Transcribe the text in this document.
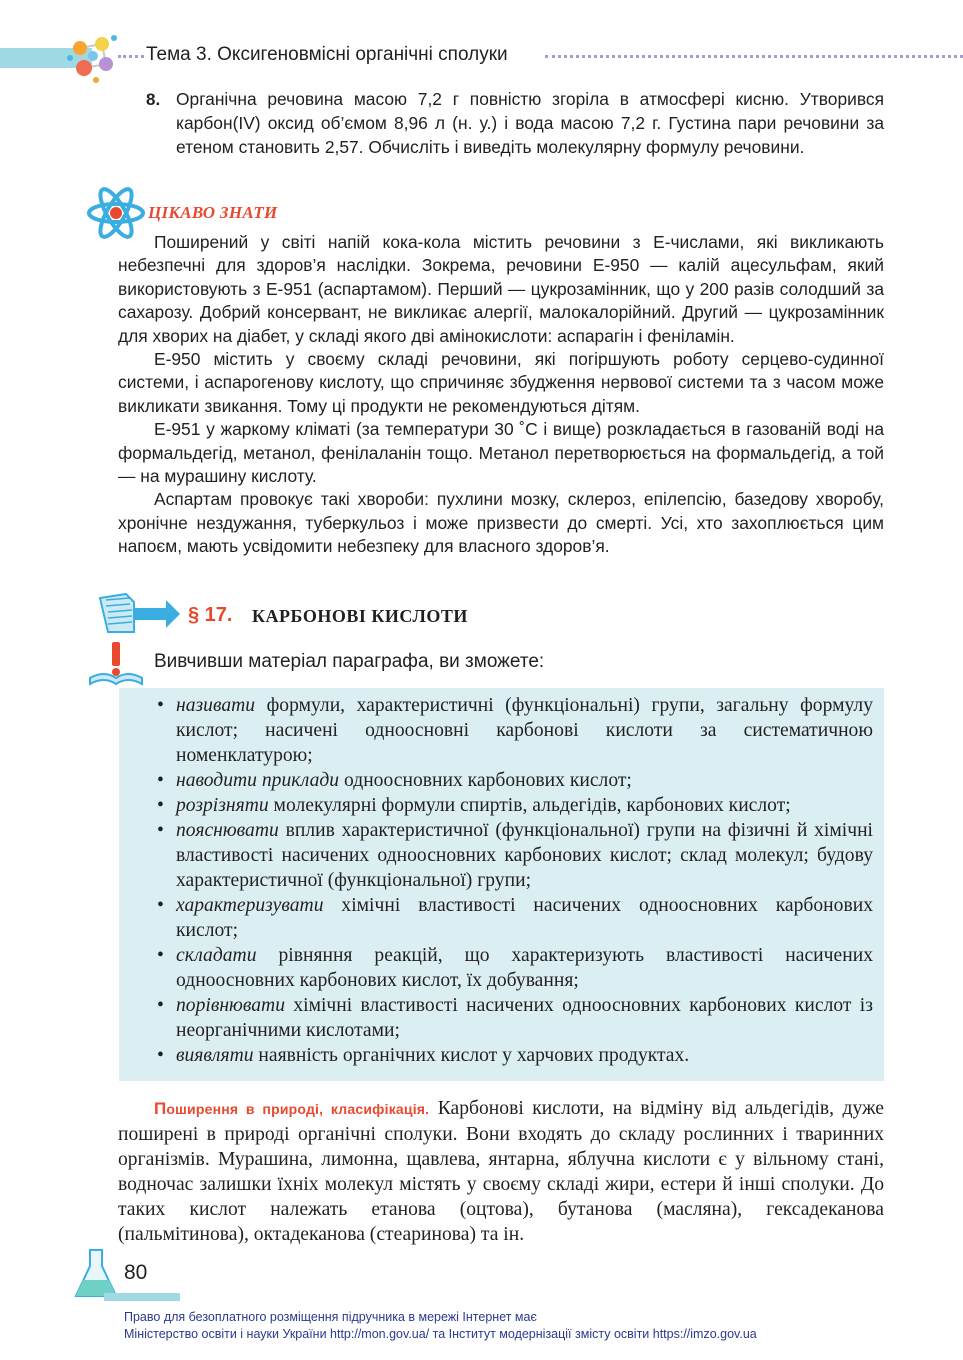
Тема 3. Оксигеновмісні органічні сполуки
8. Органічна речовина масою 7,2 г повністю згоріла в атмосфері кисню. Утворився карбон(IV) оксид об’ємом 8,96 л (н. у.) і вода масою 7,2 г. Густина пари речовини за етеном становить 2,57. Обчисліть і виведіть молекулярну формулу речовини.
ЦІКАВО ЗНАТИ

Поширений у світі напій кока-кола містить речовини з Е-числами, які викликають небезпечні для здоров’я наслідки. Зокрема, речовини Е-950 — калій ацесульфам, який використовують з Е-951 (аспартамом). Перший — цукрозамінник, що у 200 разів солодший за сахарозу. Добрий консервант, не викликає алергії, малокалорійний. Другий — цукрозамінник для хворих на діабет, у складі якого дві амінокислоти: аспарагін і феніламін.

Е-950 містить у своєму складі речовини, які погіршують роботу серцево-судинної системи, і аспарогенову кислоту, що спричиняє збудження нервової системи та з часом може викликати звикання. Тому ці продукти не рекомендуються дітям.

Е-951 у жаркому кліматі (за температури 30 ˚С і вище) розкладається в газованій воді на формальдегід, метанол, фенілаланін тощо. Метанол перетворюється на формальдегід, а той — на мурашину кислоту.

Аспартам провокує такі хвороби: пухлини мозку, склероз, епілепсію, базедову хворобу, хронічне нездужання, туберкульоз і може призвести до смерті. Усі, хто захоплюється цим напоєм, мають усвідомити небезпеку для власного здоров’я.

§ 17. КАРБОНОВІ КИСЛОТИ
Вивчивши матеріал параграфа, ви зможете:
• називати формули, характеристичні (функціональні) групи, загальну формулу кислот; насичені одноосновні карбонові кислоти за систематичною номенклатурою;
• наводити приклади одноосновних карбонових кислот;
• розрізняти молекулярні формули спиртів, альдегідів, карбонових кислот;
• пояснювати вплив характеристичної (функціональної) групи на фізичні й хімічні властивості насичених одноосновних карбонових кислот; склад молекул; будову характеристичної (функціональної) групи;
• характеризувати хімічні властивості насичених одноосновних карбонових кислот;
• складати рівняння реакцій, що характеризують властивості насичених одноосновних карбонових кислот, їх добування;
• порівнювати хімічні властивості насичених одноосновних карбонових кислот із неорганічними кислотами;
• виявляти наявність органічних кислот у харчових продуктах.
Поширення в природі, класифікація. Карбонові кислоти, на відміну від альдегідів, дуже поширені в природі органічні сполуки. Вони входять до складу рослинних і тваринних організмів. Мурашина, лимонна, щавлева, янтарна, яблучна кислоти є у вільному стані, водночас залишки їхніх молекул містять у своєму складі жири, естери й інші сполуки. До таких кислот належать етанова (оцтова), бутанова (масляна), гексадеканова (пальмітинова), октадеканова (стеаринова) та ін.
80
Право для безоплатного розміщення підручника в мережі Інтернет має
Міністерство освіти і науки України http://mon.gov.ua/ та Інститут модернізації змісту освіти https://imzo.gov.ua
